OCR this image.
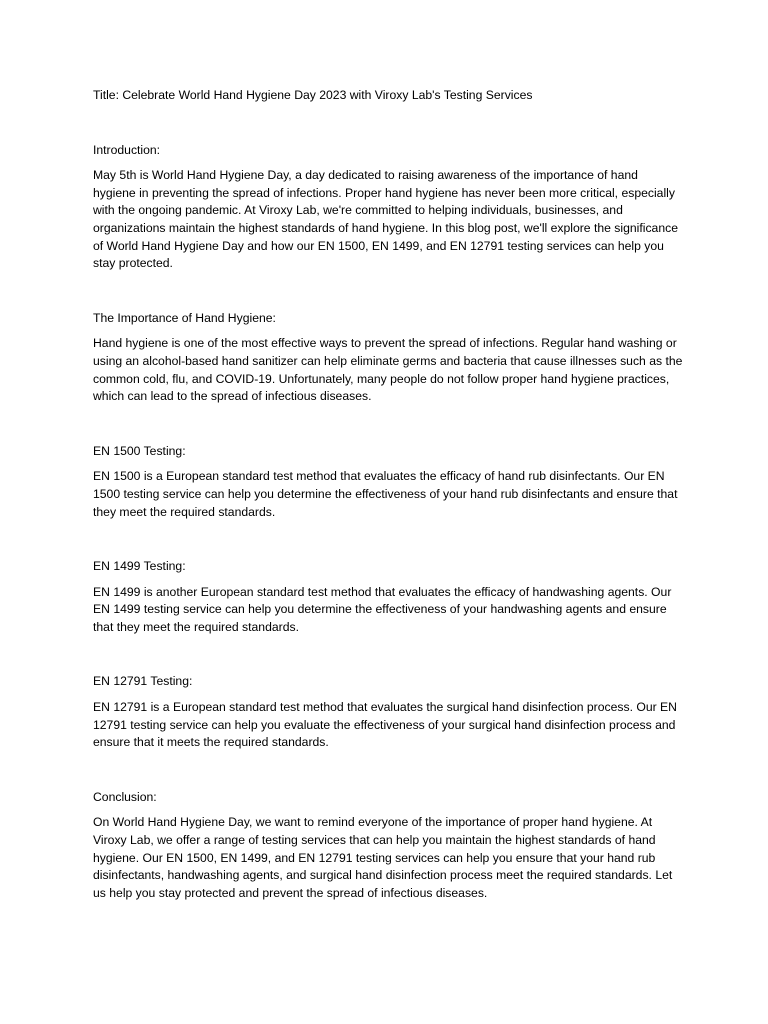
Title: Celebrate World Hand Hygiene Day 2023 with Viroxy Lab's Testing Services

Introduction:

May 5th is World Hand Hygiene Day, a day dedicated to raising awareness of the importance of hand hygiene in preventing the spread of infections. Proper hand hygiene has never been more critical, especially with the ongoing pandemic. At Viroxy Lab, we're committed to helping individuals, businesses, and organizations maintain the highest standards of hand hygiene. In this blog post, we'll explore the significance of World Hand Hygiene Day and how our EN 1500, EN 1499, and EN 12791 testing services can help you stay protected.

The Importance of Hand Hygiene:

Hand hygiene is one of the most effective ways to prevent the spread of infections. Regular hand washing or using an alcohol-based hand sanitizer can help eliminate germs and bacteria that cause illnesses such as the common cold, flu, and COVID-19. Unfortunately, many people do not follow proper hand hygiene practices, which can lead to the spread of infectious diseases.

EN 1500 Testing:

EN 1500 is a European standard test method that evaluates the efficacy of hand rub disinfectants. Our EN 1500 testing service can help you determine the effectiveness of your hand rub disinfectants and ensure that they meet the required standards.

EN 1499 Testing:

EN 1499 is another European standard test method that evaluates the efficacy of handwashing agents. Our EN 1499 testing service can help you determine the effectiveness of your handwashing agents and ensure that they meet the required standards.

EN 12791 Testing:

EN 12791 is a European standard test method that evaluates the surgical hand disinfection process. Our EN 12791 testing service can help you evaluate the effectiveness of your surgical hand disinfection process and ensure that it meets the required standards.

Conclusion:

On World Hand Hygiene Day, we want to remind everyone of the importance of proper hand hygiene. At Viroxy Lab, we offer a range of testing services that can help you maintain the highest standards of hand hygiene. Our EN 1500, EN 1499, and EN 12791 testing services can help you ensure that your hand rub disinfectants, handwashing agents, and surgical hand disinfection process meet the required standards. Let us help you stay protected and prevent the spread of infectious diseases.
